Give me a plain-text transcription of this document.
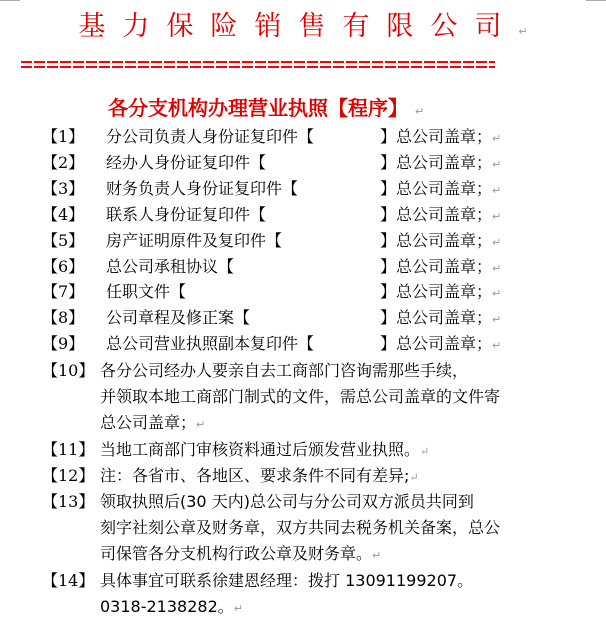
基力保险销售有限公司↵
各分支机构办理营业执照【程序】 ↵
【1】 分公司负责人身份证复印件【	】总公司盖章；↵
【2】 经办人身份证复印件【	】总公司盖章；↵
【3】 财务负责人身份证复印件【	】总公司盖章；↵
【4】 联系人身份证复印件【	】总公司盖章；↵
【5】 房产证明原件及复印件【	】总公司盖章；↵
【6】 总公司承租协议【	】总公司盖章；↵
【7】 任职文件【	】总公司盖章；↵
【8】 公司章程及修正案【	】总公司盖章；↵
【9】 总公司营业执照副本复印件【	】总公司盖章；↵
【10】 各分公司经办人要亲自去工商部门咨询需那些手续，
并领取本地工商部门制式的文件，需总公司盖章的文件寄
总公司盖章；↵
【11】 当地工商部门审核资料通过后颁发营业执照。↵
【12】 注：各省市、各地区、要求条件不同有差异;↵
【13】 领取执照后(30 天内)总公司与分公司双方派员共同到
刻字社刻公章及财务章，双方共同去税务机关备案，总公
司保管各分支机构行政公章及财务章。↵
【14】 具体事宜可联系徐建恩经理：拨打 13091199207。
0318-2138282。↵
